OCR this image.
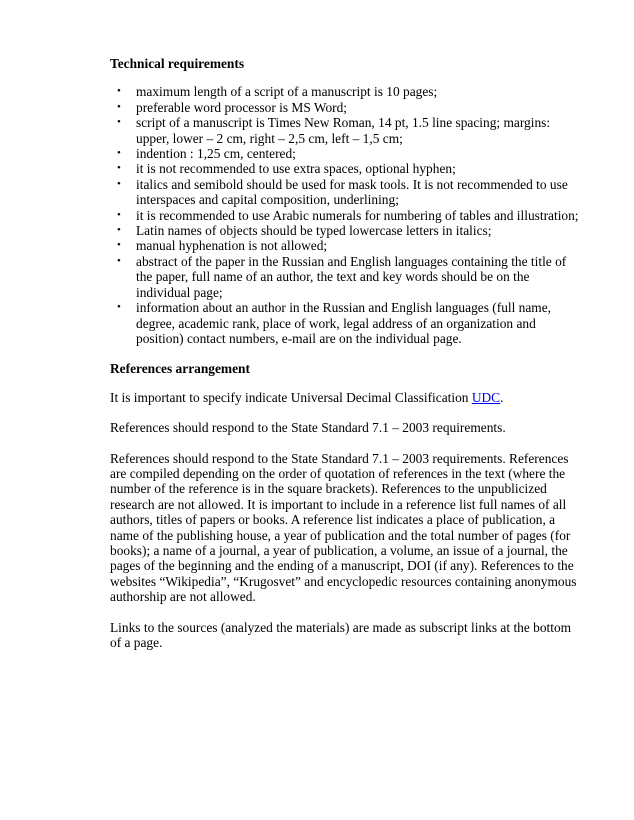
Technical requirements
• maximum length of a script of a manuscript is 10 pages;
• preferable word processor is MS Word;
• script of a manuscript is Times New Roman, 14 pt, 1.5 line spacing; margins: upper, lower – 2 cm, right – 2,5 cm, left – 1,5 cm;
• indention : 1,25 cm, centered;
• it is not recommended to use extra spaces, optional hyphen;
• italics and semibold should be used for mask tools. It is not recommended to use interspaces and capital composition, underlining;
• it is recommended to use Arabic numerals for numbering of tables and illustration;
• Latin names of objects should be typed lowercase letters in italics;
• manual hyphenation is not allowed;
• abstract of the paper in the Russian and English languages containing the title of the paper, full name of an author, the text and key words should be on the individual page;
• information about an author in the Russian and English languages (full name, degree, academic rank, place of work, legal address of an organization and position) contact numbers, e-mail are on the individual page.
References arrangement

It is important to specify indicate Universal Decimal Classification UDC.

References should respond to the State Standard 7.1 – 2003 requirements.

References should respond to the State Standard 7.1 – 2003 requirements. References are compiled depending on the order of quotation of references in the text (where the number of the reference is in the square brackets). References to the unpublicized research are not allowed. It is important to include in a reference list full names of all authors, titles of papers or books. A reference list indicates a place of publication, a name of the publishing house, a year of publication and the total number of pages (for books); a name of a journal, a year of publication, a volume, an issue of a journal, the pages of the beginning and the ending of a manuscript, DOI (if any). References to the websites “Wikipedia”, “Krugosvet” and encyclopedic resources containing anonymous authorship are not allowed.

Links to the sources (analyzed the materials) are made as subscript links at the bottom of a page.
